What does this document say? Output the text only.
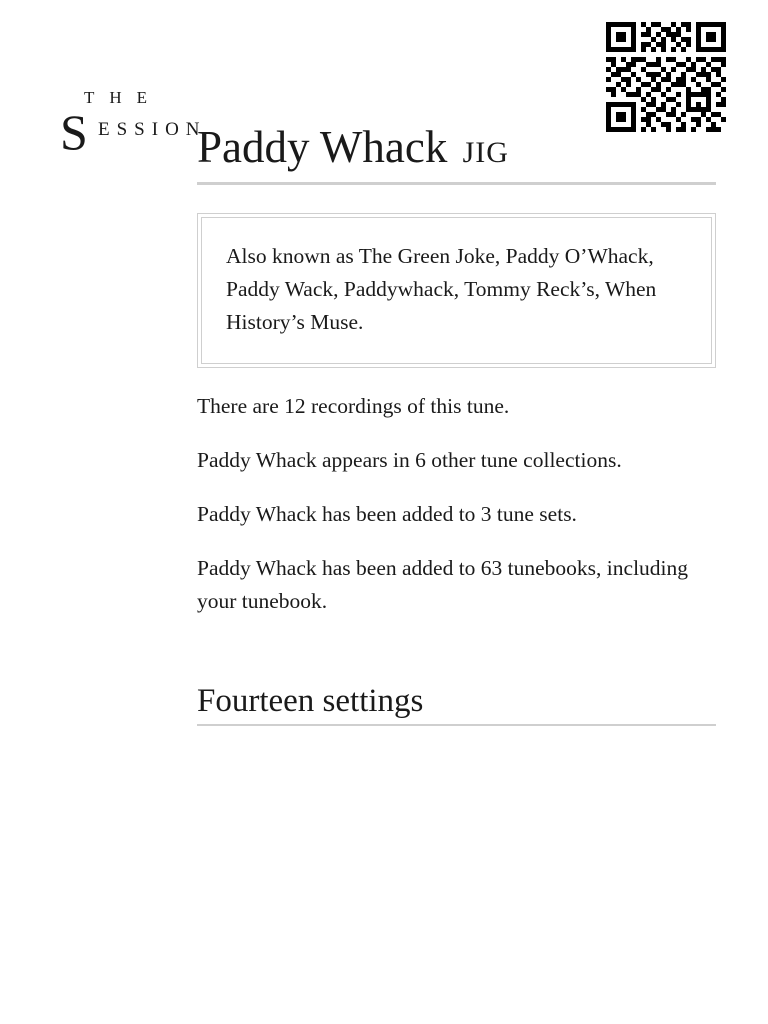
THE
S ESSION
Paddy Whack JIG
Also known as The Green Joke, Paddy O’Whack, Paddy Wack, Paddywhack, Tommy Reck’s, When History’s Muse.

There are 12 recordings of this tune.

Paddy Whack appears in 6 other tune collections.

Paddy Whack has been added to 3 tune sets.

Paddy Whack has been added to 63 tunebooks, including your tunebook.

Fourteen settings
